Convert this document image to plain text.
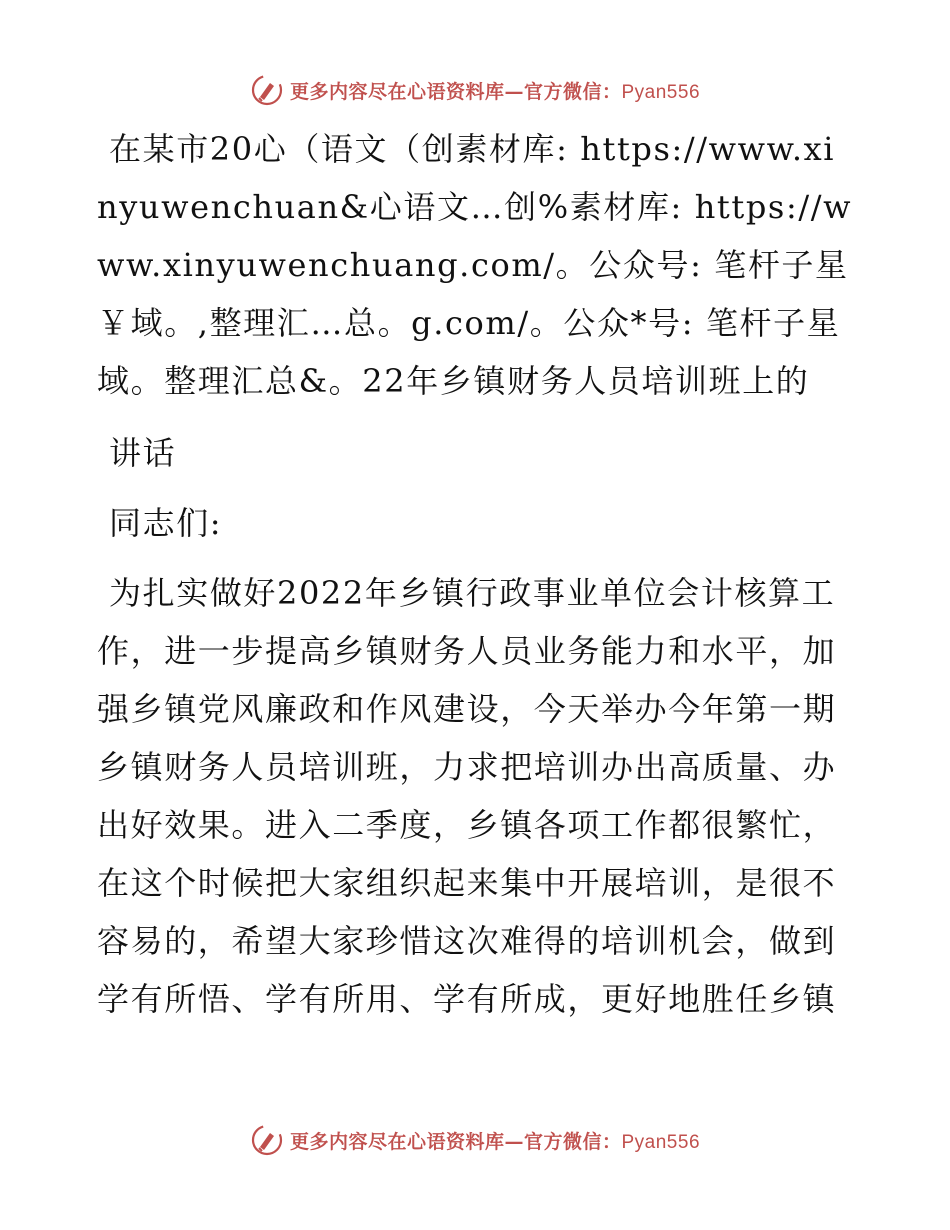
更多内容尽在心语资料库—官方微信：Pyan556

在某市20心（语文（创素材库: https://www.xinyuwenchuan&心语文…创%素材库: https://www.xinyuwenchuang.com/。公众号: 笔杆子星￥域。,整理汇…总。g.com/。公众*号: 笔杆子星域。整理汇总&。22年乡镇财务人员培训班上的

讲话

同志们:

为扎实做好2022年乡镇行政事业单位会计核算工作，进一步提高乡镇财务人员业务能力和水平，加强乡镇党风廉政和作风建设，今天举办今年第一期乡镇财务人员培训班，力求把培训办出高质量、办出好效果。进入二季度，乡镇各项工作都很繁忙，在这个时候把大家组织起来集中开展培训，是很不容易的，希望大家珍惜这次难得的培训机会，做到学有所悟、学有所用、学有所成，更好地胜任乡镇

更多内容尽在心语资料库—官方微信：Pyan556
